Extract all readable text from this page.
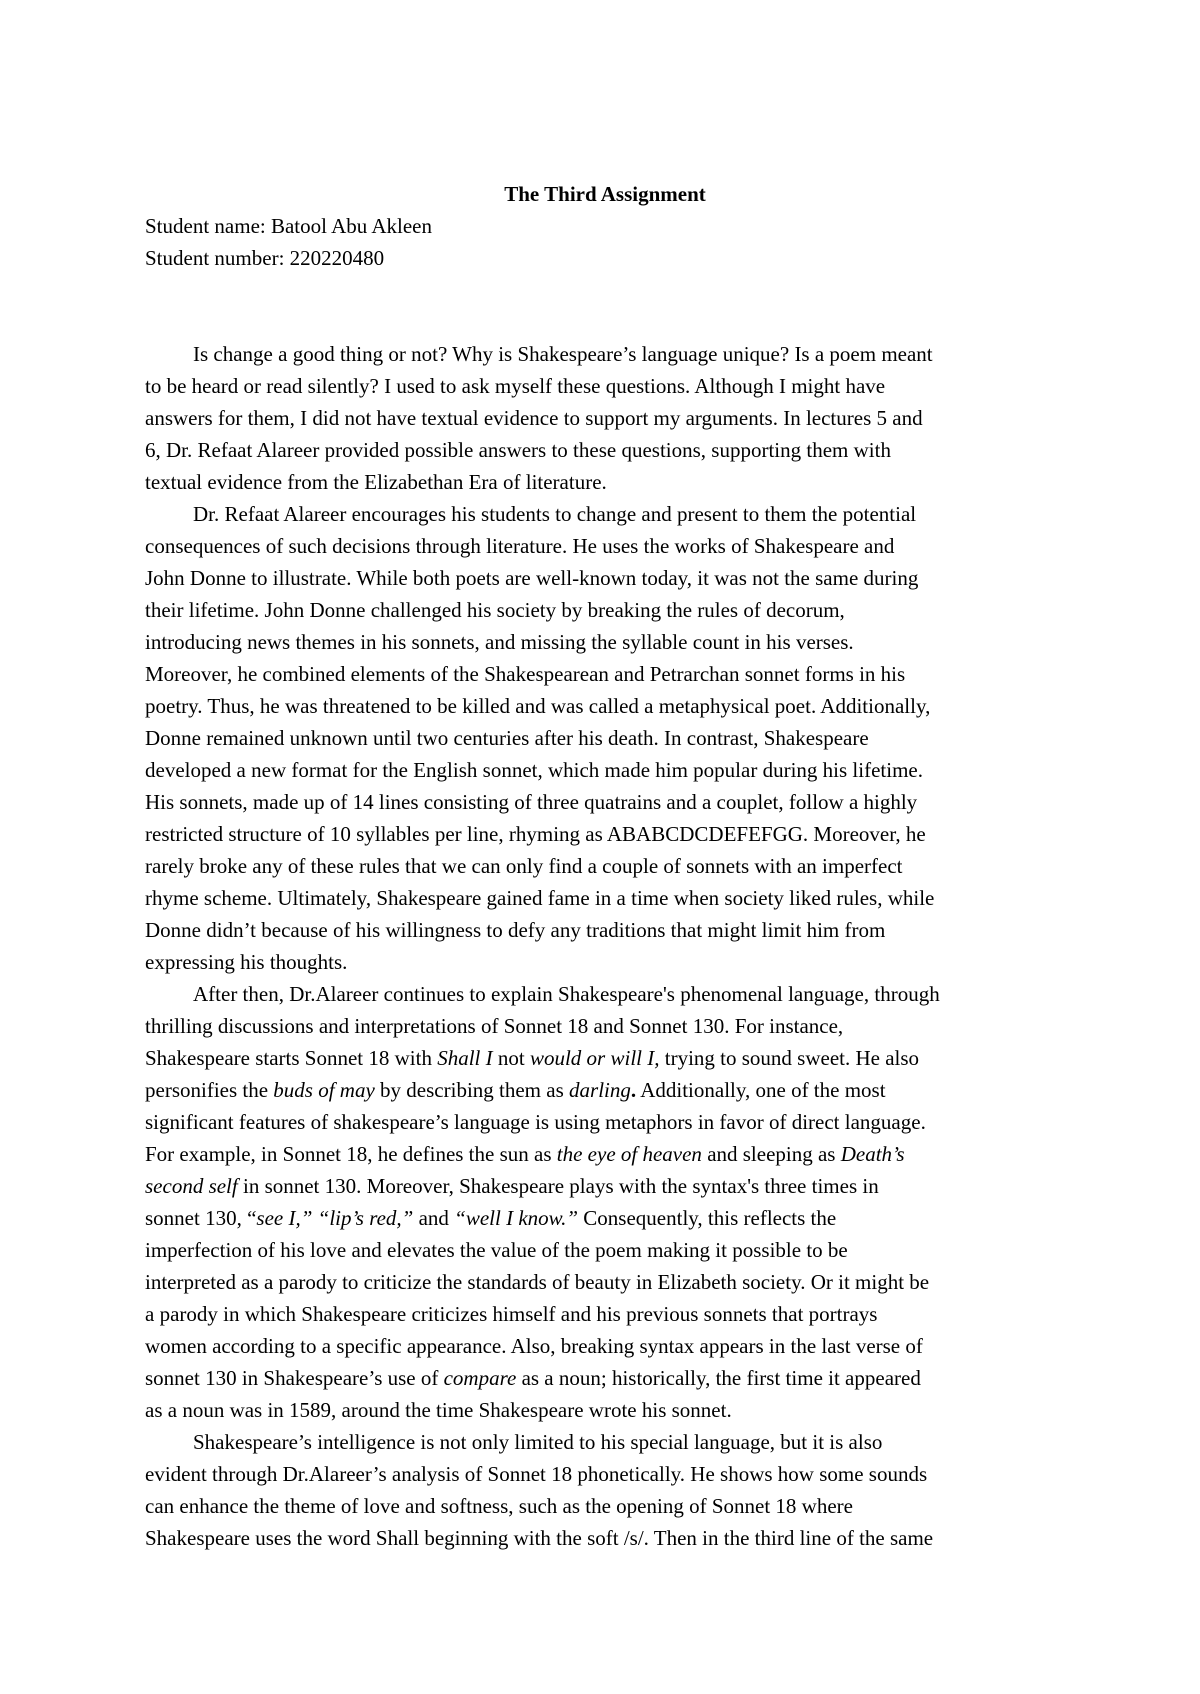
The Third Assignment

Student name: Batool Abu Akleen

Student number: 220220480

Is change a good thing or not? Why is Shakespeare’s language unique? Is a poem meant
to be heard or read silently? I used to ask myself these questions. Although I might have
answers for them, I did not have textual evidence to support my arguments. In lectures 5 and
6, Dr. Refaat Alareer provided possible answers to these questions, supporting them with
textual evidence from the Elizabethan Era of literature.

Dr. Refaat Alareer encourages his students to change and present to them the potential
consequences of such decisions through literature. He uses the works of Shakespeare and
John Donne to illustrate. While both poets are well-known today, it was not the same during
their lifetime. John Donne challenged his society by breaking the rules of decorum,
introducing news themes in his sonnets, and missing the syllable count in his verses.
Moreover, he combined elements of the Shakespearean and Petrarchan sonnet forms in his
poetry. Thus, he was threatened to be killed and was called a metaphysical poet. Additionally,
Donne remained unknown until two centuries after his death. In contrast, Shakespeare
developed a new format for the English sonnet, which made him popular during his lifetime.
His sonnets, made up of 14 lines consisting of three quatrains and a couplet, follow a highly
restricted structure of 10 syllables per line, rhyming as ABABCDCDEFEFGG. Moreover, he
rarely broke any of these rules that we can only find a couple of sonnets with an imperfect
rhyme scheme. Ultimately, Shakespeare gained fame in a time when society liked rules, while
Donne didn’t because of his willingness to defy any traditions that might limit him from
expressing his thoughts.

After then, Dr.Alareer continues to explain Shakespeare's phenomenal language, through
thrilling discussions and interpretations of Sonnet 18 and Sonnet 130. For instance,
Shakespeare starts Sonnet 18 with Shall I not would or will I, trying to sound sweet. He also
personifies the buds of may by describing them as darling. Additionally, one of the most
significant features of shakespeare’s language is using metaphors in favor of direct language.
For example, in Sonnet 18, he defines the sun as the eye of heaven and sleeping as Death’s
second self in sonnet 130. Moreover, Shakespeare plays with the syntax's three times in
sonnet 130, “see I,” “lip’s red,” and “well I know.” Consequently, this reflects the
imperfection of his love and elevates the value of the poem making it possible to be
interpreted as a parody to criticize the standards of beauty in Elizabeth society. Or it might be
a parody in which Shakespeare criticizes himself and his previous sonnets that portrays
women according to a specific appearance. Also, breaking syntax appears in the last verse of
sonnet 130 in Shakespeare’s use of compare as a noun; historically, the first time it appeared
as a noun was in 1589, around the time Shakespeare wrote his sonnet.

Shakespeare’s intelligence is not only limited to his special language, but it is also
evident through Dr.Alareer’s analysis of Sonnet 18 phonetically. He shows how some sounds
can enhance the theme of love and softness, such as the opening of Sonnet 18 where
Shakespeare uses the word Shall beginning with the soft /s/. Then in the third line of the same
